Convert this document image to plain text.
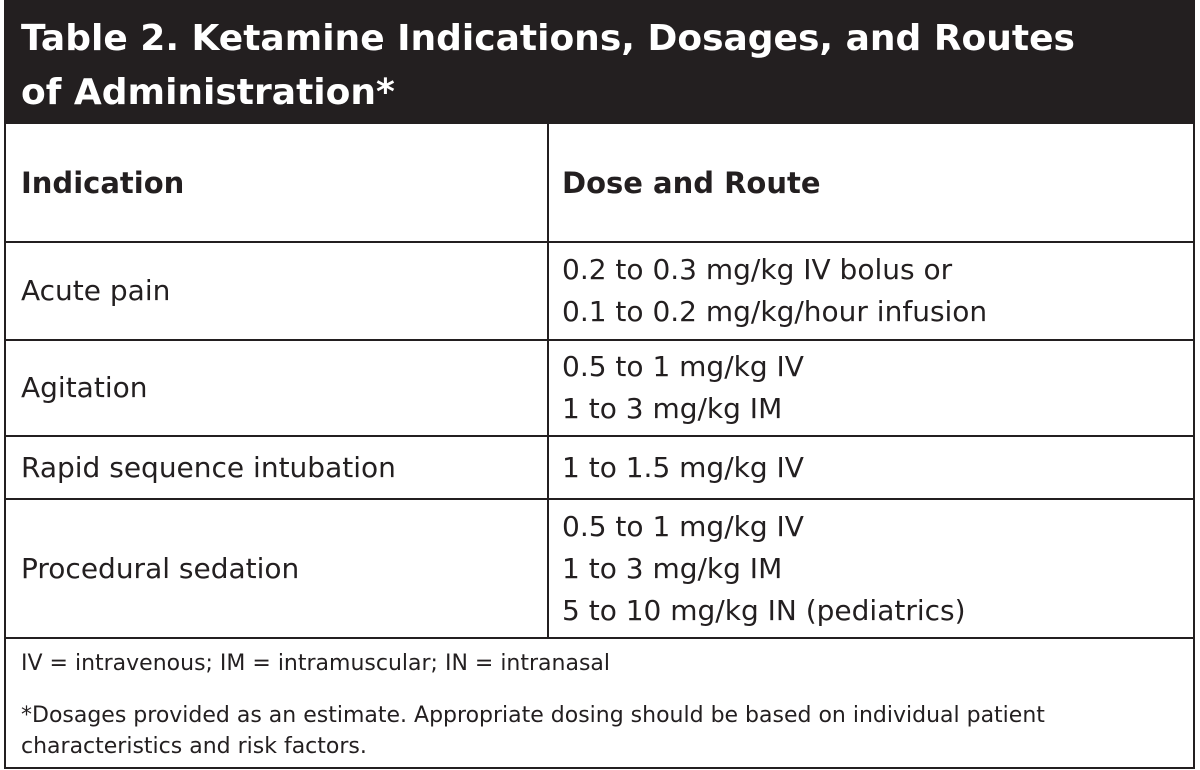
Table 2. Ketamine Indications, Dosages, and Routes
of Administration*
Indication	Dose and Route
Acute pain
0.2 to 0.3 mg/kg IV bolus or
0.1 to 0.2 mg/kg/hour infusion
Agitation
0.5 to 1 mg/kg IV
1 to 3 mg/kg IM
Rapid sequence intubation	1 to 1.5 mg/kg IV
Procedural sedation
0.5 to 1 mg/kg IV
1 to 3 mg/kg IM
5 to 10 mg/kg IN (pediatrics)
IV = intravenous; IM = intramuscular; IN = intranasal
*Dosages provided as an estimate. Appropriate dosing should be based on individual patient
characteristics and risk factors.
